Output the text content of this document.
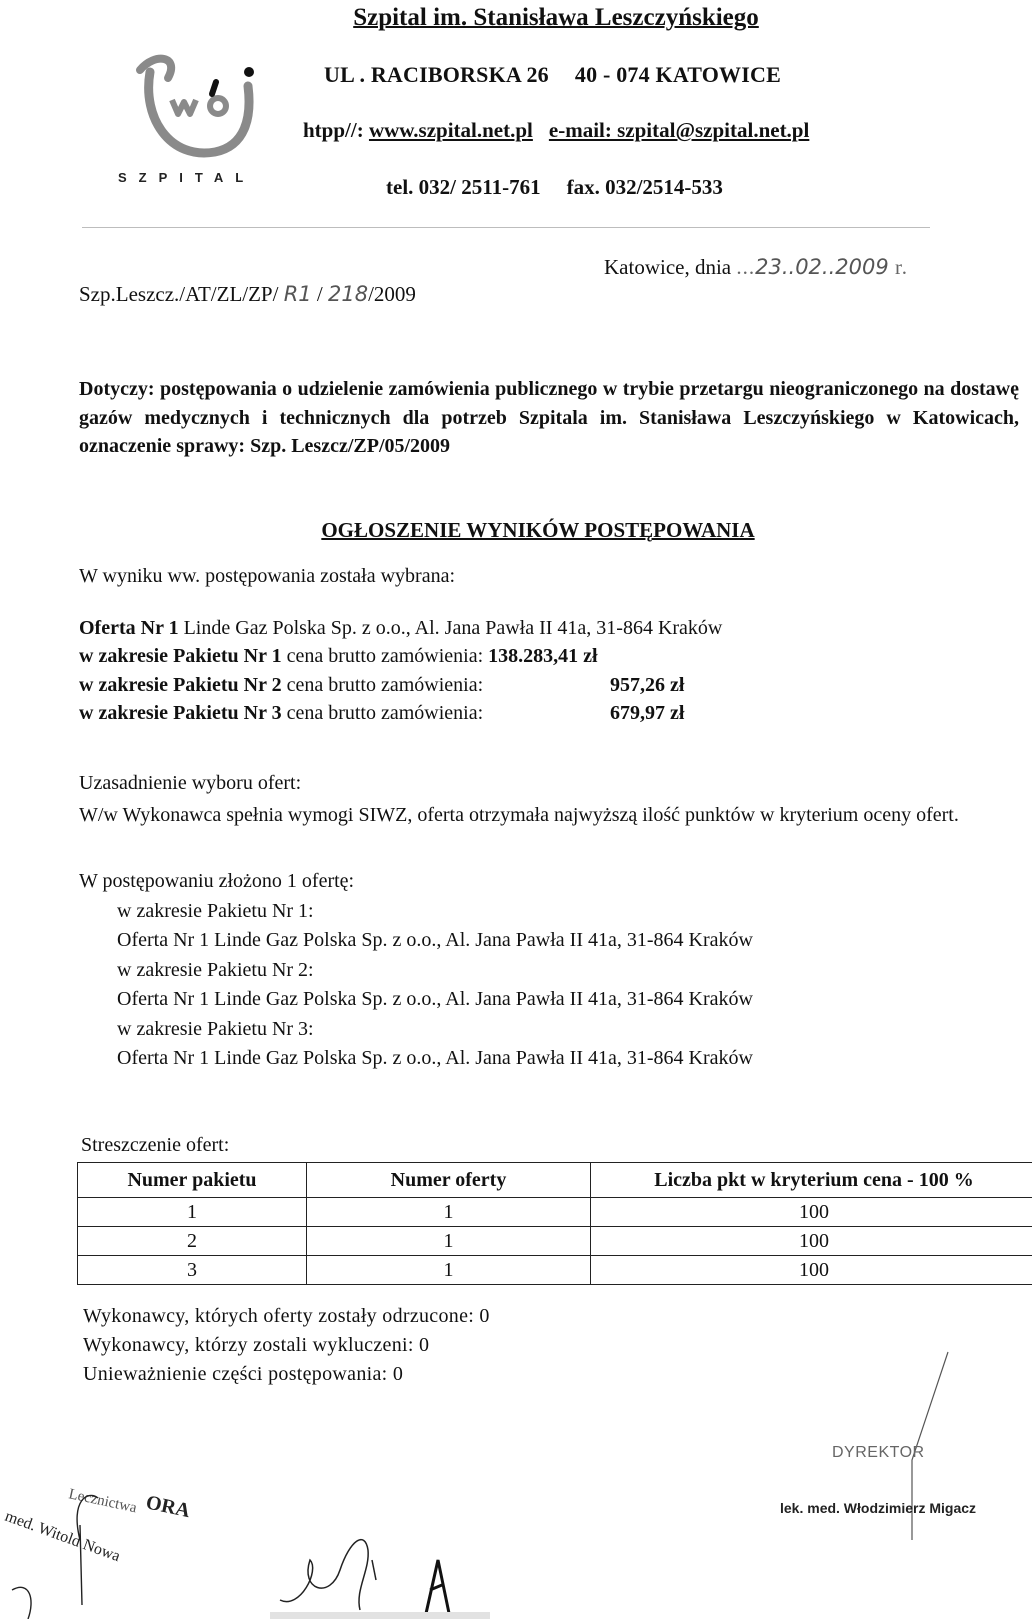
Szpital im. Stanisława Leszczyńskiego
SZPITAL
UL . RACIBORSKA 26 40 - 074 KATOWICE
htpp//: www.szpital.net.pl e-mail: szpital@szpital.net.pl
tel. 032/ 2511-761 fax. 032/2514-533
Szp.Leszcz./AT/ZL/ZP/ R1 / 218/2009
Katowice, dnia ...23..02..2009 r.
Dotyczy: postępowania o udzielenie zamówienia publicznego w trybie przetargu nieograniczonego na dostawę gazów medycznych i technicznych dla potrzeb Szpitala im. Stanisława Leszczyńskiego w Katowicach, oznaczenie sprawy: Szp. Leszcz/ZP/05/2009
OGŁOSZENIE WYNIKÓW POSTĘPOWANIA
W wyniku ww. postępowania została wybrana:
Oferta Nr 1 Linde Gaz Polska Sp. z o.o., Al. Jana Pawła II 41a, 31-864 Kraków
w zakresie Pakietu Nr 1 cena brutto zamówienia: 138.283,41 zł
w zakresie Pakietu Nr 2 cena brutto zamówienia:	957,26 zł
w zakresie Pakietu Nr 3 cena brutto zamówienia:	679,97 zł
Uzasadnienie wyboru ofert:
W/w Wykonawca spełnia wymogi SIWZ, oferta otrzymała najwyższą ilość punktów w kryterium oceny ofert.
W postępowaniu złożono 1 ofertę:
w zakresie Pakietu Nr 1:
Oferta Nr 1 Linde Gaz Polska Sp. z o.o., Al. Jana Pawła II 41a, 31-864 Kraków
w zakresie Pakietu Nr 2:
Oferta Nr 1 Linde Gaz Polska Sp. z o.o., Al. Jana Pawła II 41a, 31-864 Kraków
w zakresie Pakietu Nr 3:
Oferta Nr 1 Linde Gaz Polska Sp. z o.o., Al. Jana Pawła II 41a, 31-864 Kraków
Streszczenie ofert:
Numer pakietu	Numer oferty	Liczba pkt w kryterium cena - 100 %
1	1	100
2	1	100
3	1	100
Wykonawcy, których oferty zostały odrzucone: 0
Wykonawcy, którzy zostali wykluczeni: 0
Unieważnienie części postępowania: 0
DYREKTOR
lek. med. Włodzimierz Migacz
ORA
Lecznictwa
med. Witold Nowa
